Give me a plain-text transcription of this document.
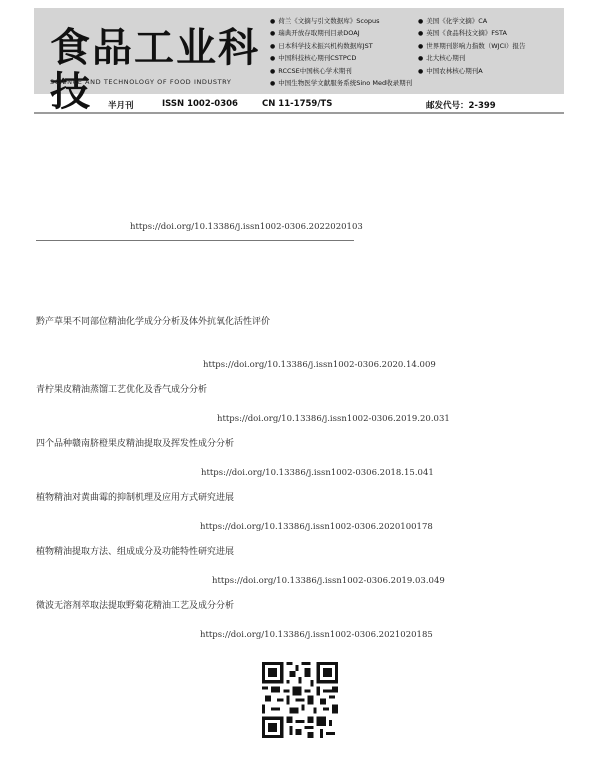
食品工业科技
SCIENCE AND TECHNOLOGY OF FOOD INDUSTRY
● 荷兰《文摘与引文数据库》Scopus	● 美国《化学文摘》CA
● 瑞典开放存取期刊目录DOAJ	● 英国《食品科技文摘》FSTA
● 日本科学技术振兴机构数据库JST	● 世界期刊影响力指数（WJCI）报告
● 中国科技核心期刊CSTPCD	● 北大核心期刊
● RCCSE中国核心学术期刊	● 中国农林核心期刊A
● 中国生物医学文献服务系统Sino Med收录期刊
半月刊	ISSN 1002-0306	CN 11-1759/TS	邮发代号：2-399
https://doi.org/10.13386/j.issn1002-0306.2022020103
黔产草果不同部位精油化学成分分析及体外抗氧化活性评价
https://doi.org/10.13386/j.issn1002-0306.2020.14.009
青柠果皮精油蒸馏工艺优化及香气成分分析
https://doi.org/10.13386/j.issn1002-0306.2019.20.031
四个品种赣南脐橙果皮精油提取及挥发性成分分析
https://doi.org/10.13386/j.issn1002-0306.2018.15.041
植物精油对黄曲霉的抑制机理及应用方式研究进展
https://doi.org/10.13386/j.issn1002-0306.2020100178
植物精油提取方法、组成成分及功能特性研究进展
https://doi.org/10.13386/j.issn1002-0306.2019.03.049
微波无溶剂萃取法提取野菊花精油工艺及成分分析
https://doi.org/10.13386/j.issn1002-0306.2021020185
